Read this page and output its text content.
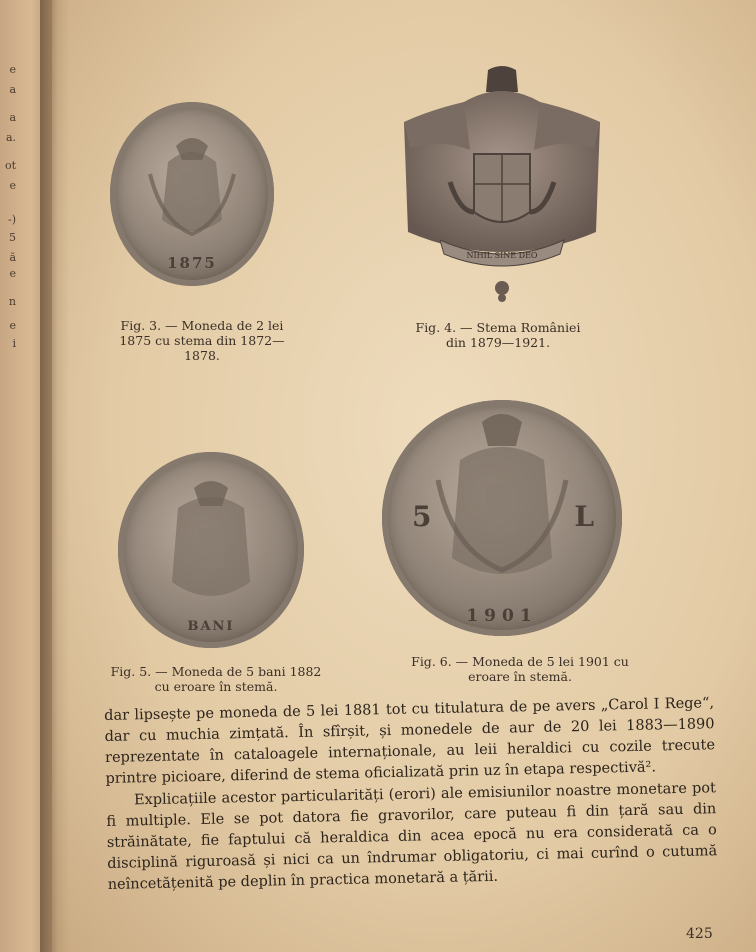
e
a
a
a.
ot
e
-)
5
ă
e
n
e
i
1875
Fig. 3. — Moneda de 2 lei 1875 cu stema din 1872—1878.
NIHIL SINE DEO
Fig. 4. — Stema României din 1879—1921.
BANI
Fig. 5. — Moneda de 5 bani 1882 cu eroare în stemă.
5	L
1901
Fig. 6. — Moneda de 5 lei 1901 cu eroare în stemă.

dar lipsește pe moneda de 5 lei 1881 tot cu titulatura de pe avers „Carol I Rege“, dar cu muchia zimțată. În sfîrșit, și monedele de aur de 20 lei 1883—1890 reprezentate în cataloagele internaționale, au leii heraldici cu cozile trecute printre picioare, diferind de stema oficializată prin uz în etapa respectivă².

Explicațiile acestor particularități (erori) ale emisiunilor noastre monetare pot fi multiple. Ele se pot datora fie gravorilor, care puteau fi din țară sau din străinătate, fie faptului că heraldica din acea epocă nu era considerată ca o disciplină riguroasă și nici ca un îndrumar obligatoriu, ci mai curînd o cutumă neîncetățenită pe deplin în practica monetară a țării.

425
